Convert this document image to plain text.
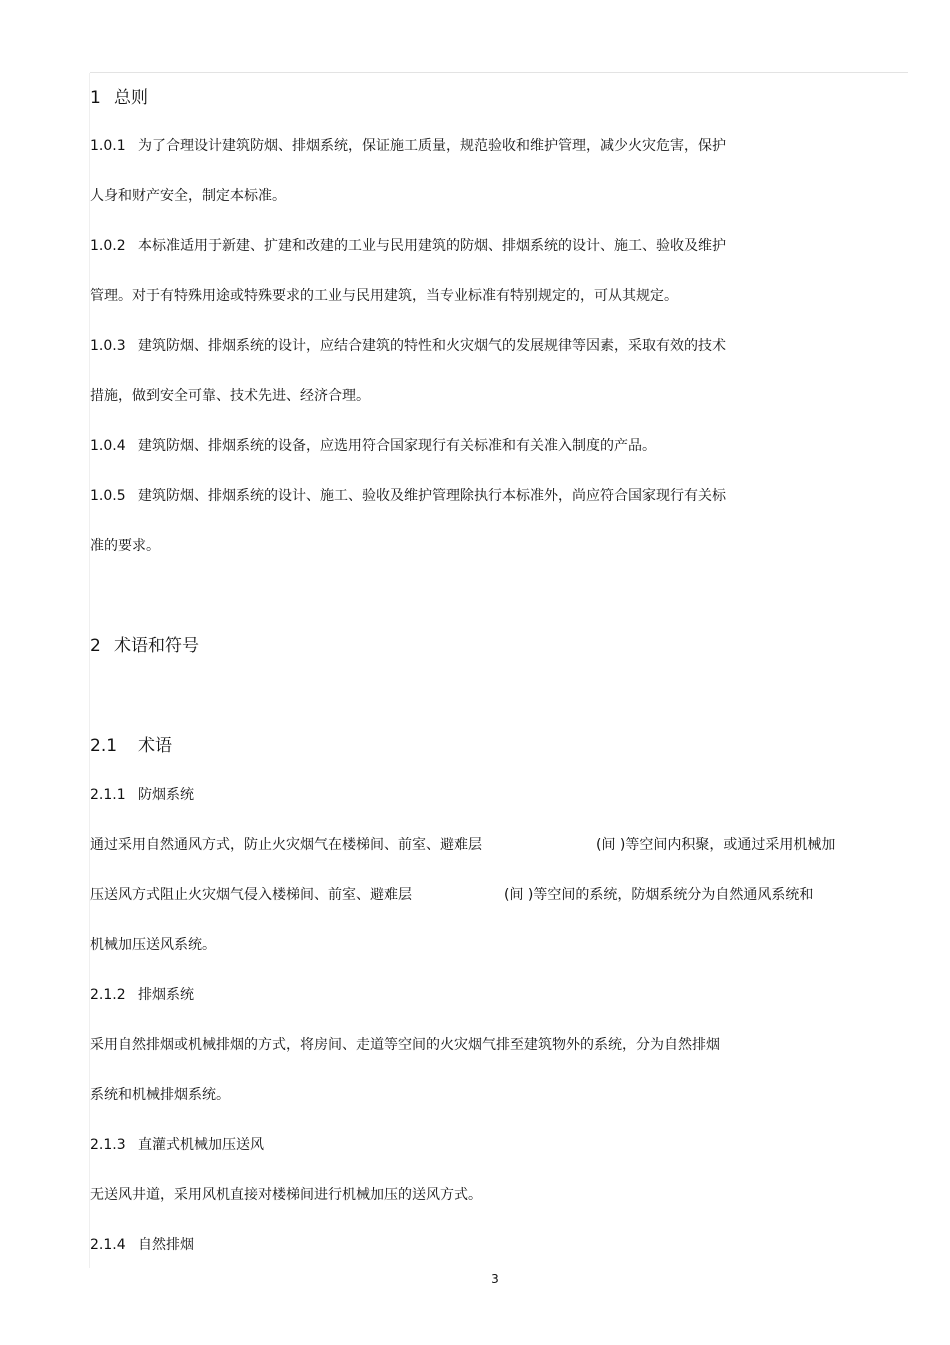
1 总则
1.0.1 为了合理设计建筑防烟、排烟系统，保证施工质量，规范验收和维护管理，减少火灾危害，保护
人身和财产安全，制定本标准。
1.0.2 本标准适用于新建、扩建和改建的工业与民用建筑的防烟、排烟系统的设计、施工、验收及维护
管理。对于有特殊用途或特殊要求的工业与民用建筑，当专业标准有特别规定的，可从其规定。
1.0.3 建筑防烟、排烟系统的设计，应结合建筑的特性和火灾烟气的发展规律等因素，采取有效的技术
措施，做到安全可靠、技术先进、经济合理。
1.0.4 建筑防烟、排烟系统的设备，应选用符合国家现行有关标准和有关准入制度的产品。
1.0.5 建筑防烟、排烟系统的设计、施工、验收及维护管理除执行本标准外，尚应符合国家现行有关标
准的要求。
2 术语和符号
2.1 术语
2.1.1 防烟系统
通过采用自然通风方式，防止火灾烟气在楼梯间、前室、避难层	(间 )等空间内积聚，或通过采用机械加
压送风方式阻止火灾烟气侵入楼梯间、前室、避难层	(间 )等空间的系统，防烟系统分为自然通风系统和
机械加压送风系统。
2.1.2 排烟系统
采用自然排烟或机械排烟的方式，将房间、走道等空间的火灾烟气排至建筑物外的系统，分为自然排烟
系统和机械排烟系统。
2.1.3 直灌式机械加压送风
无送风井道，采用风机直接对楼梯间进行机械加压的送风方式。
2.1.4 自然排烟
3
